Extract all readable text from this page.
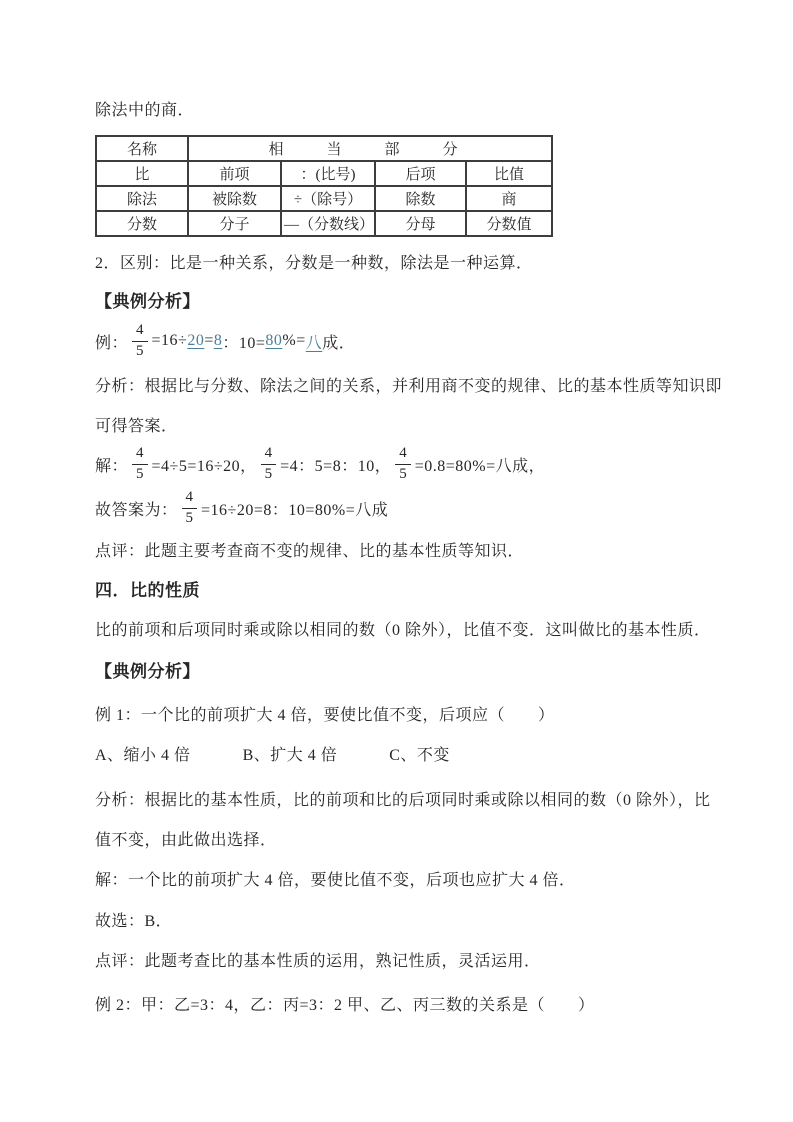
除法中的商．
名称	相　当　部　分			
比	前项	：(比号)	后项	比值
除法	被除数	÷（除号）	除数	商
分数	分子	—（分数线）	分母	分数值
2．区别：比是一种关系，分数是一种数，除法是一种运算．
【典例分析】
例： $\frac{4}{5} =16\div 20 = 8$ ：10= 80 %= 八 成．
分析：根据比与分数、除法之间的关系，并利用商不变的规律、比的基本性质等知识即
可得答案．
解： $\frac{4}{5} =4\div 5=16\div 20$， $\frac{4}{5} =4$：5=8：10， $\frac{4}{5} =0.8=80\%=$八成，
故答案为： $\frac{4}{5} =16\div 20=8$：10=80%=八成
点评：此题主要考查商不变的规律、比的基本性质等知识．
四．比的性质
比的前项和后项同时乘或除以相同的数（0 除外），比值不变．这叫做比的基本性质．
【典例分析】
例 1：一个比的前项扩大 4 倍，要使比值不变，后项应（　　）
A、缩小 4 倍	B、扩大 4 倍	C、不变
分析：根据比的基本性质，比的前项和比的后项同时乘或除以相同的数（0 除外），比
值不变，由此做出选择．
解：一个比的前项扩大 4 倍，要使比值不变，后项也应扩大 4 倍．
故选：B．
点评：此题考查比的基本性质的运用，熟记性质，灵活运用．
例 2：甲：乙=3：4，乙：丙=3：2 甲、乙、丙三数的关系是（　　）
